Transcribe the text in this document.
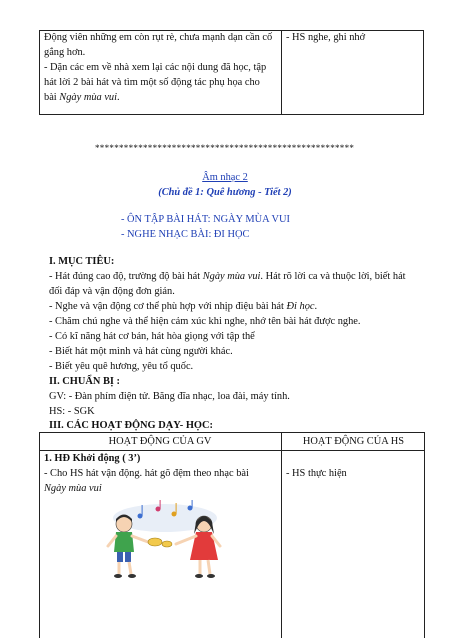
Động viên những em còn rụt rè, chưa mạnh dạn cần cố
gắng hơn.
- Dặn các em về nhà xem lại các nội dung đã học, tập
hát lời 2 bài hát và tìm một số động tác phụ họa cho
bài Ngày mùa vui.
- HS nghe, ghi nhớ
******************************************************
Âm nhạc 2
(Chủ đề 1: Quê hương - Tiết 2)
- ÔN TẬP BÀI HÁT: NGÀY MÙA VUI
- NGHE NHẠC BÀI: ĐI HỌC
I. MỤC TIÊU:
- Hát đúng cao độ, trường độ bài hát Ngày mùa vui. Hát rõ lời ca và thuộc lời, biết hát
đối đáp và vận động đơn giản.
- Nghe và vận động cơ thể phù hợp với nhịp điệu bài hát Đi học.
- Chăm chú nghe và thể hiện cảm xúc khi nghe, nhớ tên bài hát được nghe.
- Có kĩ năng hát cơ bản, hát hòa giọng với tập thể
- Biết hát một mình và hát cùng người khác.
- Biết yêu quê hương, yêu tổ quốc.
II. CHUẨN BỊ :
GV: - Đàn phím điện tử. Băng đĩa nhạc, loa đài, máy tính.
HS: - SGK
III. CÁC HOẠT ĐỘNG DẠY- HỌC:
HOẠT ĐỘNG CỦA GV	HOẠT ĐỘNG CỦA HS
1. HĐ Khởi động ( 3’)
- Cho HS hát vận động. hát gõ đệm theo nhạc bài
Ngày mùa vui
- HS thực hiện
